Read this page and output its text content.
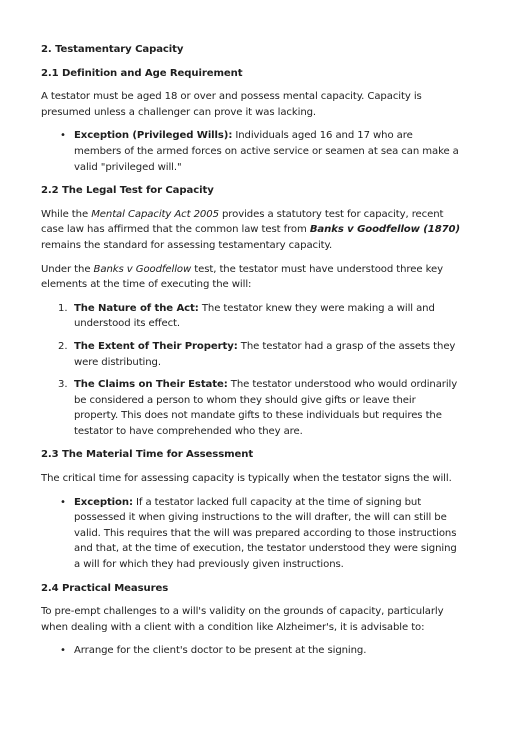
2. Testamentary Capacity
2.1 Definition and Age Requirement
A testator must be aged 18 or over and possess mental capacity. Capacity is presumed unless a challenger can prove it was lacking.
• Exception (Privileged Wills): Individuals aged 16 and 17 who are members of the armed forces on active service or seamen at sea can make a valid "privileged will."
2.2 The Legal Test for Capacity
While the Mental Capacity Act 2005 provides a statutory test for capacity, recent case law has affirmed that the common law test from Banks v Goodfellow (1870) remains the standard for assessing testamentary capacity.
Under the Banks v Goodfellow test, the testator must have understood three key elements at the time of executing the will:
1. The Nature of the Act: The testator knew they were making a will and understood its effect.
2. The Extent of Their Property: The testator had a grasp of the assets they were distributing.
3. The Claims on Their Estate: The testator understood who would ordinarily be considered a person to whom they should give gifts or leave their property. This does not mandate gifts to these individuals but requires the testator to have comprehended who they are.
2.3 The Material Time for Assessment
The critical time for assessing capacity is typically when the testator signs the will.
• Exception: If a testator lacked full capacity at the time of signing but possessed it when giving instructions to the will drafter, the will can still be valid. This requires that the will was prepared according to those instructions and that, at the time of execution, the testator understood they were signing a will for which they had previously given instructions.
2.4 Practical Measures
To pre-empt challenges to a will's validity on the grounds of capacity, particularly when dealing with a client with a condition like Alzheimer's, it is advisable to:
• Arrange for the client's doctor to be present at the signing.
